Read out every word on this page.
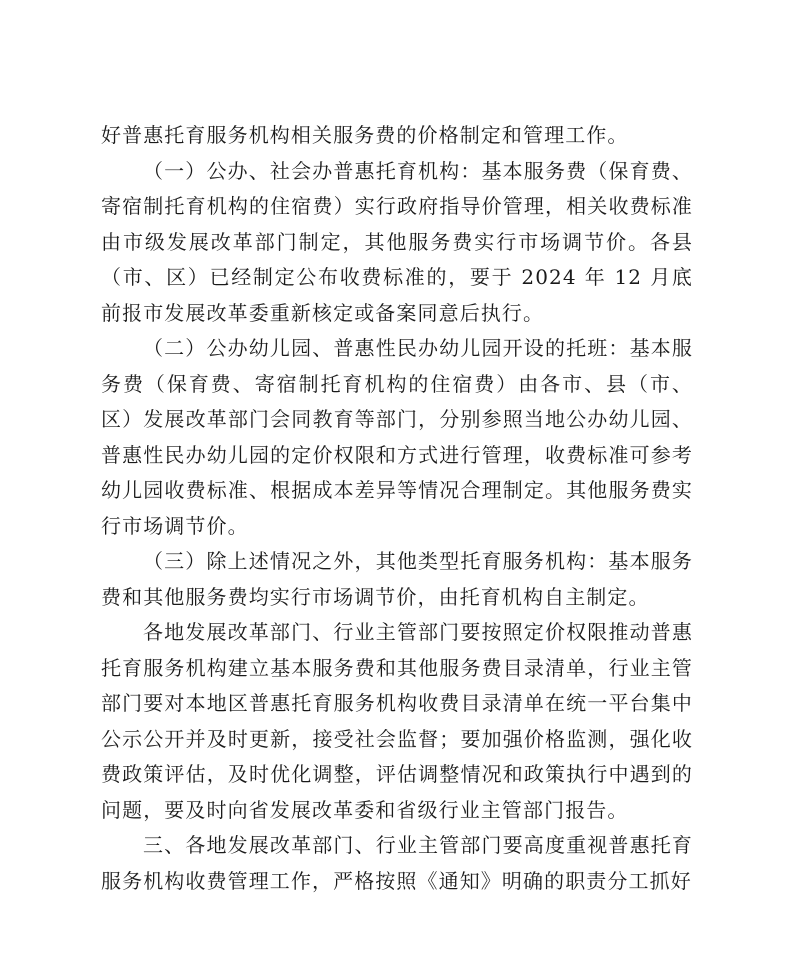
好普惠托育服务机构相关服务费的价格制定和管理工作。

（一）公办、社会办普惠托育机构：基本服务费（保育费、寄宿制托育机构的住宿费）实行政府指导价管理，相关收费标准由市级发展改革部门制定，其他服务费实行市场调节价。各县（市、区）已经制定公布收费标准的，要于 2024 年 12 月底前报市发展改革委重新核定或备案同意后执行。

（二）公办幼儿园、普惠性民办幼儿园开设的托班：基本服务费（保育费、寄宿制托育机构的住宿费）由各市、县（市、区）发展改革部门会同教育等部门，分别参照当地公办幼儿园、普惠性民办幼儿园的定价权限和方式进行管理，收费标准可参考幼儿园收费标准、根据成本差异等情况合理制定。其他服务费实行市场调节价。

（三）除上述情况之外，其他类型托育服务机构：基本服务费和其他服务费均实行市场调节价，由托育机构自主制定。

各地发展改革部门、行业主管部门要按照定价权限推动普惠托育服务机构建立基本服务费和其他服务费目录清单，行业主管部门要对本地区普惠托育服务机构收费目录清单在统一平台集中公示公开并及时更新，接受社会监督；要加强价格监测，强化收费政策评估，及时优化调整，评估调整情况和政策执行中遇到的问题，要及时向省发展改革委和省级行业主管部门报告。

三、各地发展改革部门、行业主管部门要高度重视普惠托育服务机构收费管理工作，严格按照《通知》明确的职责分工抓好
